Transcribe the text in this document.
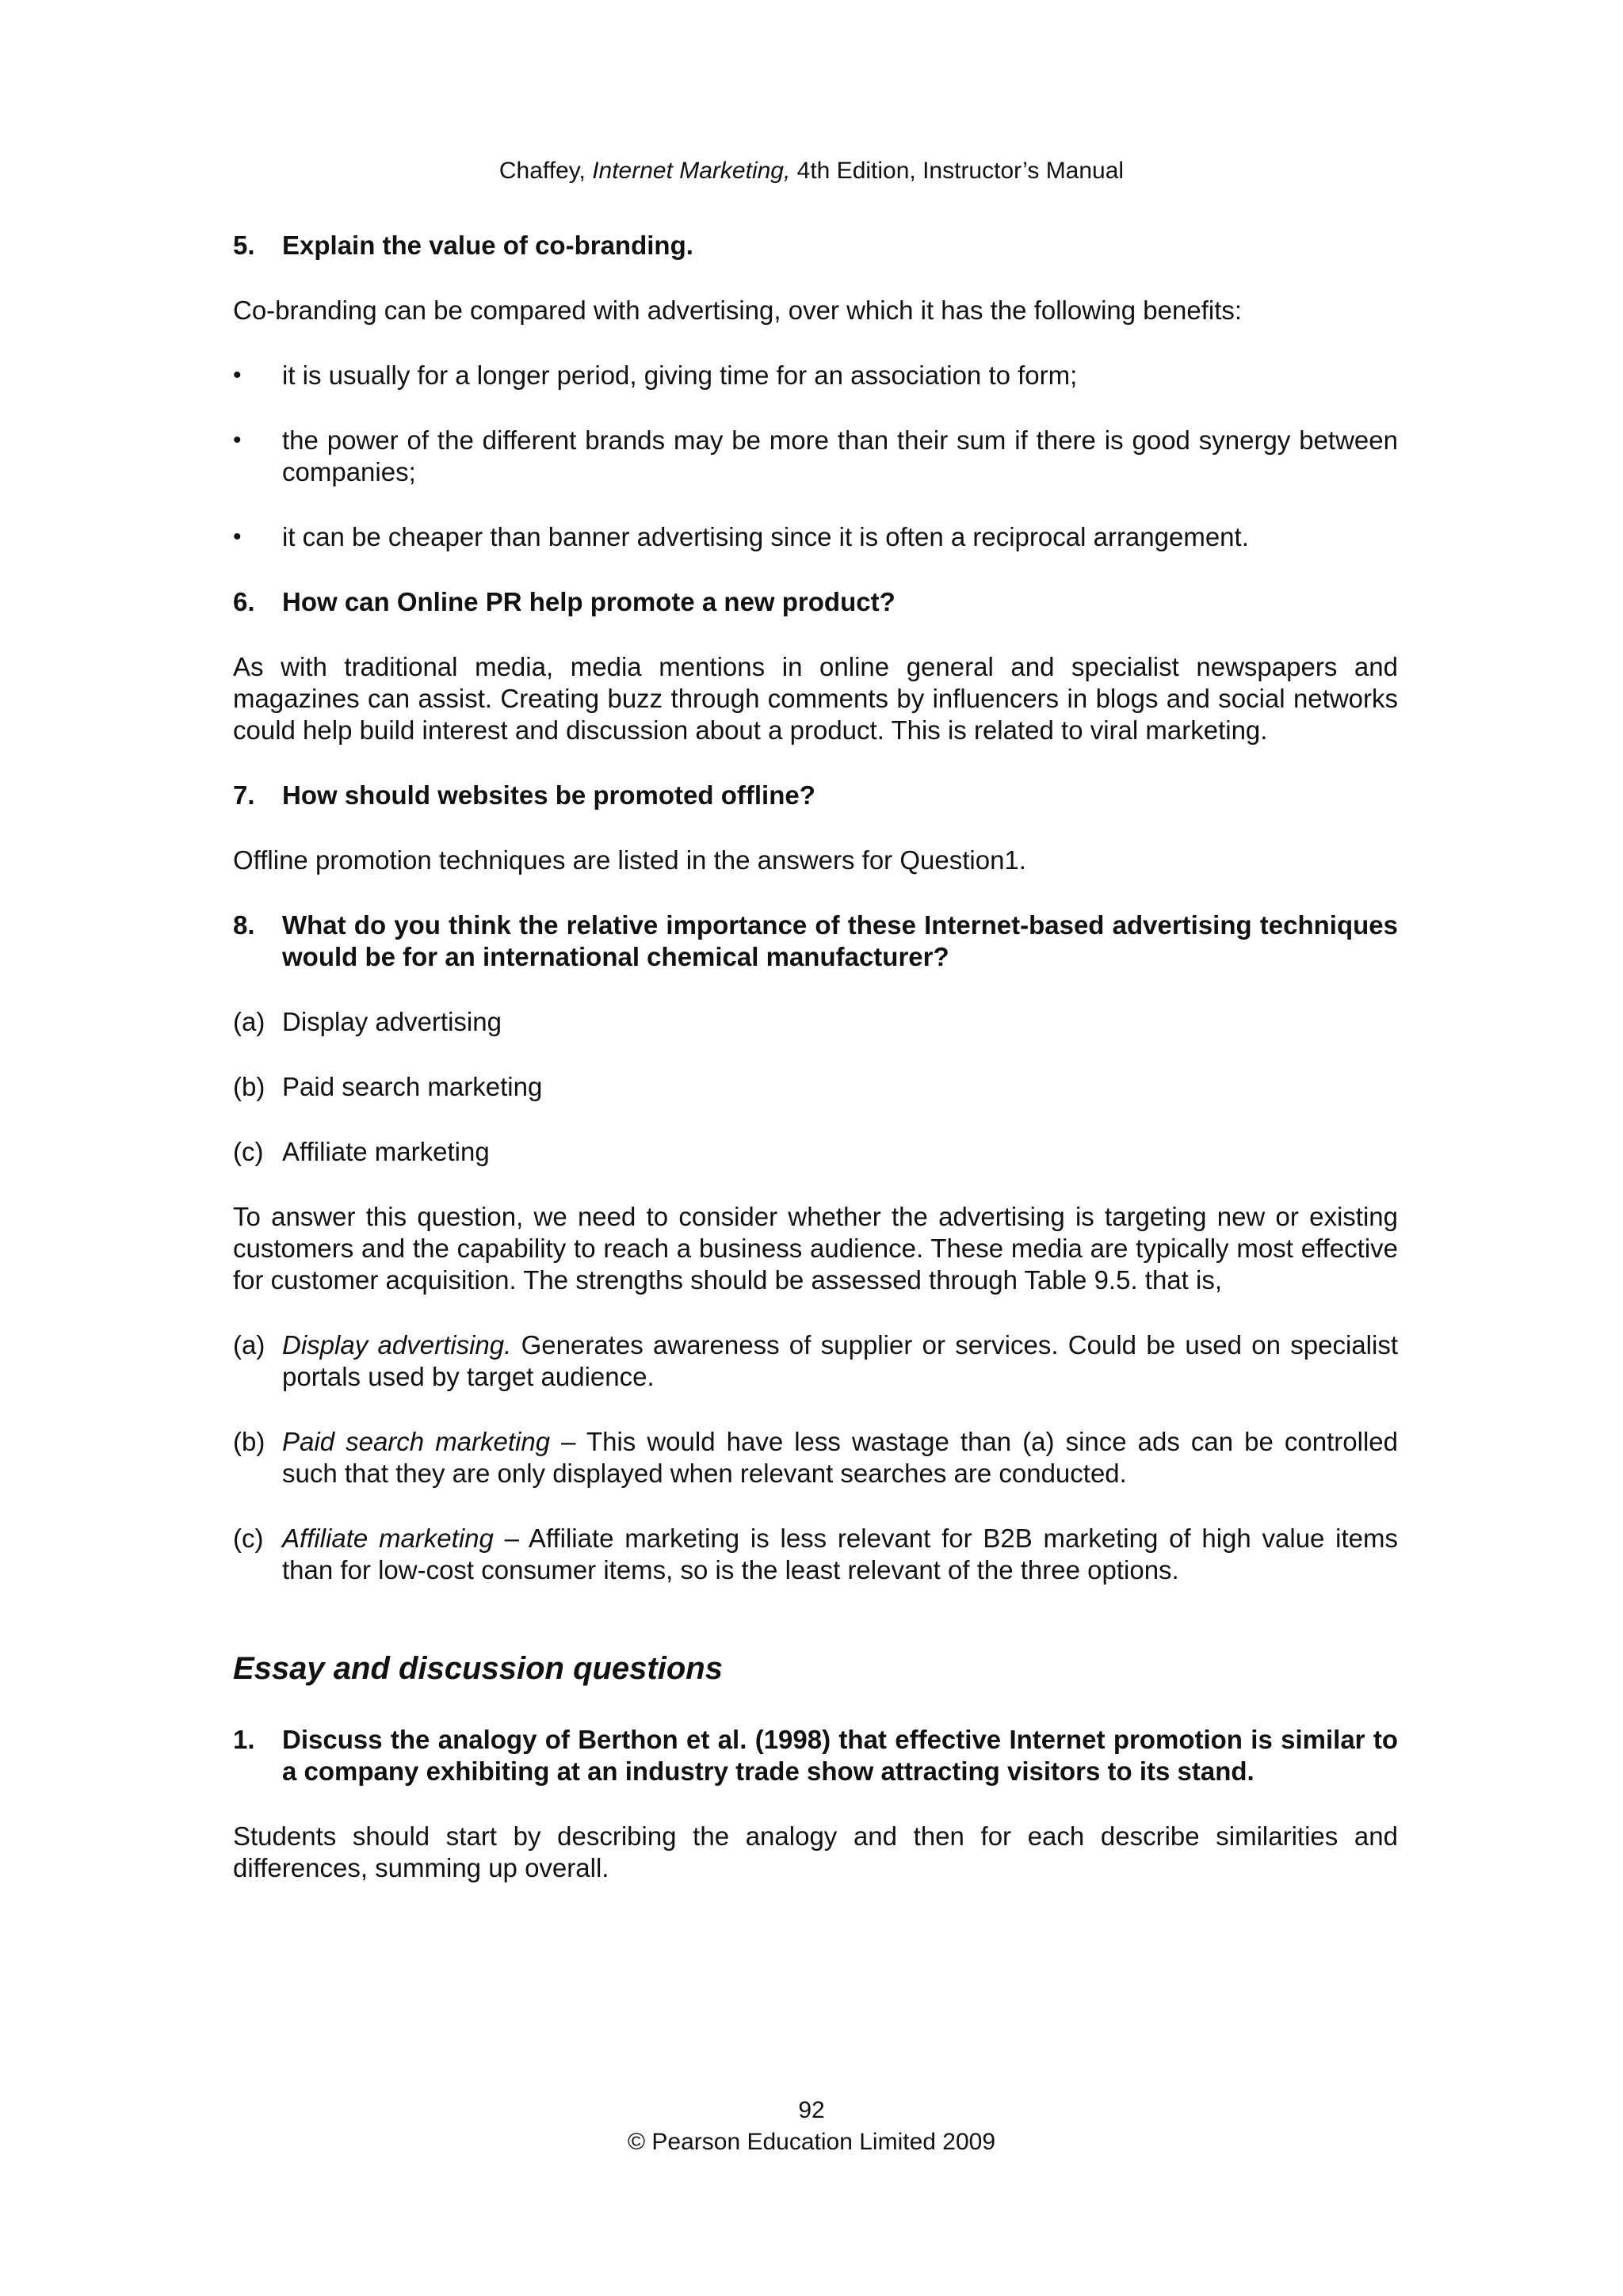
Chaffey, Internet Marketing, 4th Edition, Instructor’s Manual
5.	Explain the value of co-branding.

Co-branding can be compared with advertising, over which it has the following benefits:

•	it is usually for a longer period, giving time for an association to form;
•	the power of the different brands may be more than their sum if there is good synergy between companies;
•	it can be cheaper than banner advertising since it is often a reciprocal arrangement.
6.	How can Online PR help promote a new product?

As with traditional media, media mentions in online general and specialist newspapers and magazines can assist. Creating buzz through comments by influencers in blogs and social networks could help build interest and discussion about a product. This is related to viral marketing.

7.	How should websites be promoted offline?

Offline promotion techniques are listed in the answers for Question1.

8.	What do you think the relative importance of these Internet-based advertising techniques would be for an international chemical manufacturer?
(a) Display advertising
(b) Paid search marketing
(c) Affiliate marketing

To answer this question, we need to consider whether the advertising is targeting new or existing customers and the capability to reach a business audience. These media are typically most effective for customer acquisition. The strengths should be assessed through Table 9.5. that is,

(a) Display advertising. Generates awareness of supplier or services. Could be used on specialist portals used by target audience.
(b) Paid search marketing – This would have less wastage than (a) since ads can be controlled such that they are only displayed when relevant searches are conducted.
(c) Affiliate marketing – Affiliate marketing is less relevant for B2B marketing of high value items than for low-cost consumer items, so is the least relevant of the three options.
Essay and discussion questions
1.	Discuss the analogy of Berthon et al. (1998) that effective Internet promotion is similar to a company exhibiting at an industry trade show attracting visitors to its stand.

Students should start by describing the analogy and then for each describe similarities and differences, summing up overall.

92
© Pearson Education Limited 2009
